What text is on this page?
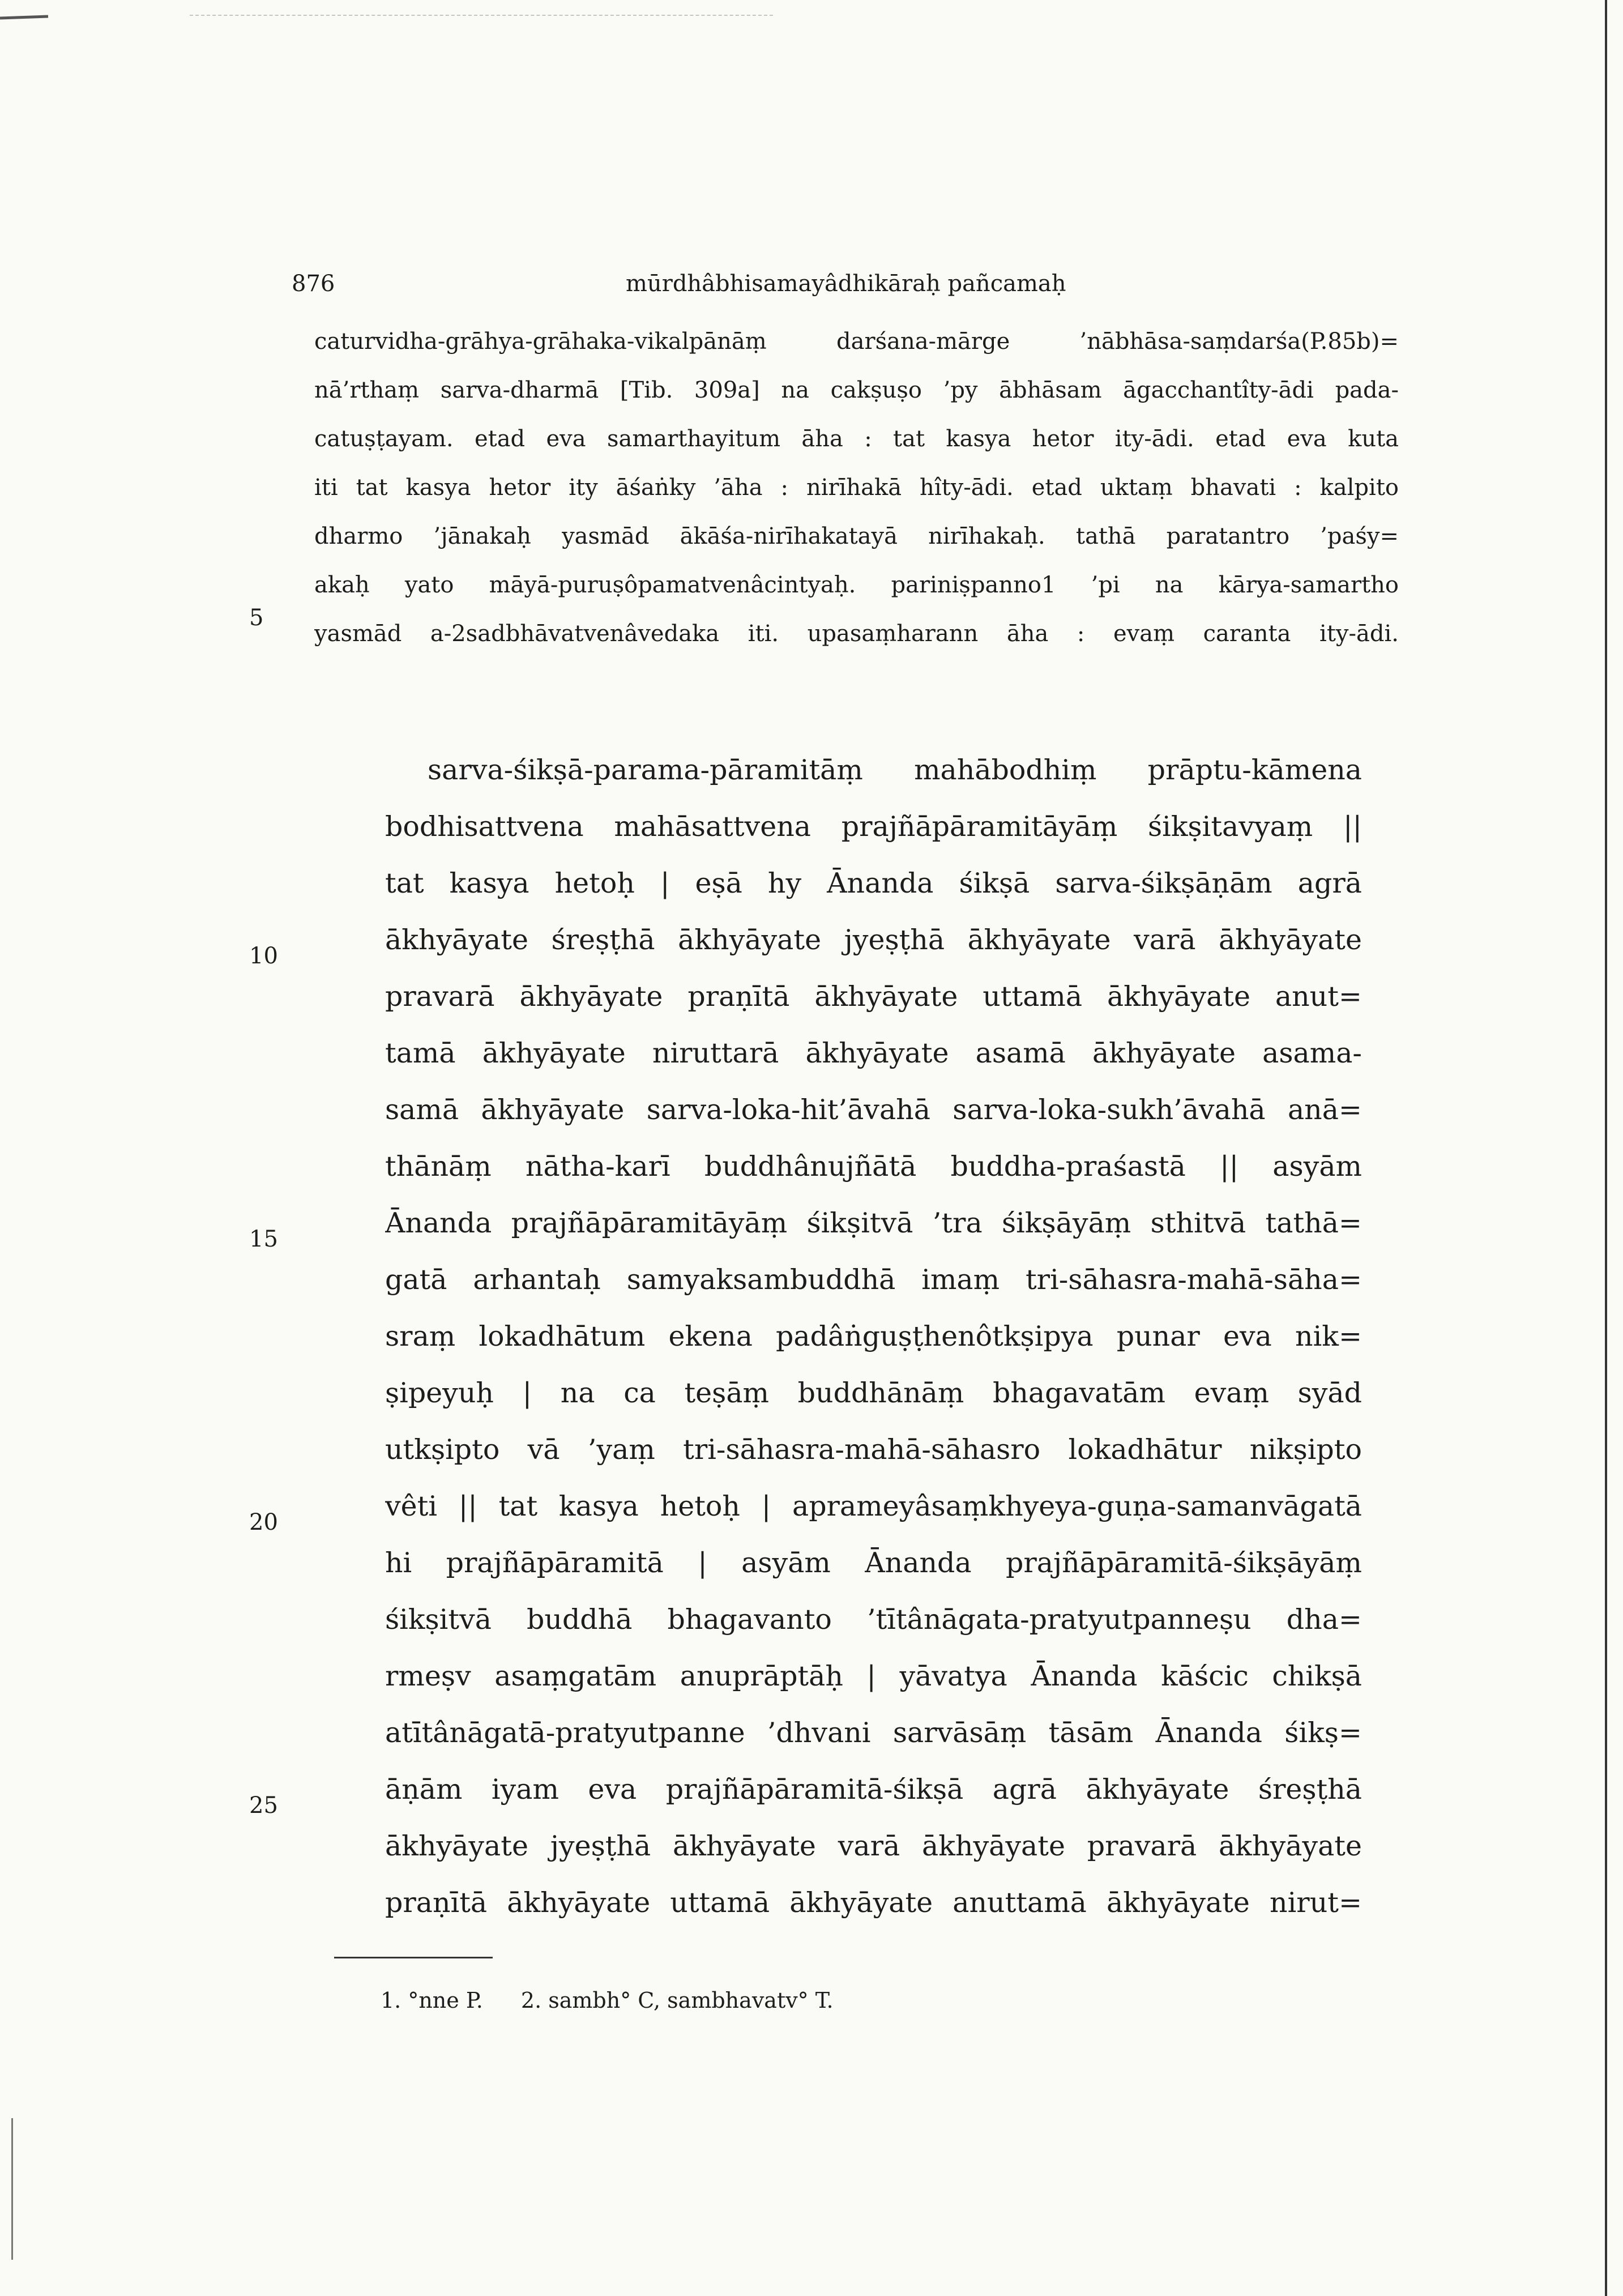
876	mūrdhâbhisamayâdhikāraḥ pañcamaḥ
caturvidha-grāhya-grāhaka-vikalpānāṃ darśana-mārge ’nābhāsa-saṃdarśa(P.85b)=
nā’rthaṃ sarva-dharmā [Tib. 309a] na cakṣuṣo ’py ābhāsam āgacchantîty-ādi pada-
catuṣṭayam. etad eva samarthayitum āha : tat kasya hetor ity-ādi. etad eva kuta
iti tat kasya hetor ity āśaṅky ’āha : nirīhakā hîty-ādi. etad uktaṃ bhavati : kalpito
dharmo ’jānakaḥ yasmād ākāśa-nirīhakatayā nirīhakaḥ. tathā paratantro ’paśy=
akaḥ yato māyā-puruṣôpamatvenâcintyaḥ. pariniṣpanno1 ’pi na kārya-samartho
yasmād a-2sadbhāvatvenâvedaka iti. upasaṃharann āha : evaṃ caranta ity-ādi.
sarva-śikṣā-parama-pāramitāṃ mahābodhiṃ prāptu-kāmena
bodhisattvena mahāsattvena prajñāpāramitāyāṃ śikṣitavyaṃ ||
tat kasya hetoḥ | eṣā hy Ānanda śikṣā sarva-śikṣāṇām agrā
ākhyāyate śreṣṭhā ākhyāyate jyeṣṭhā ākhyāyate varā ākhyāyate
pravarā ākhyāyate praṇītā ākhyāyate uttamā ākhyāyate anut=
tamā ākhyāyate niruttarā ākhyāyate asamā ākhyāyate asama-
samā ākhyāyate sarva-loka-hit’āvahā sarva-loka-sukh’āvahā anā=
thānāṃ nātha-karī buddhânujñātā buddha-praśastā || asyām
Ānanda prajñāpāramitāyāṃ śikṣitvā ’tra śikṣāyāṃ sthitvā tathā=
gatā arhantaḥ samyaksambuddhā imaṃ tri-sāhasra-mahā-sāha=
sraṃ lokadhātum ekena padâṅguṣṭhenôtkṣipya punar eva nik=
ṣipeyuḥ | na ca teṣāṃ buddhānāṃ bhagavatām evaṃ syād
utkṣipto vā ’yaṃ tri-sāhasra-mahā-sāhasro lokadhātur nikṣipto
vêti || tat kasya hetoḥ | aprameyâsaṃkhyeya-guṇa-samanvāgatā
hi prajñāpāramitā | asyām Ānanda prajñāpāramitā-śikṣāyāṃ
śikṣitvā buddhā bhagavanto ’tītânāgata-pratyutpanneṣu dha=
rmeṣv asaṃgatām anuprāptāḥ | yāvatya Ānanda kāścic chikṣā
atītânāgatā-pratyutpanne ’dhvani sarvāsāṃ tāsām Ānanda śikṣ=
āṇām iyam eva prajñāpāramitā-śikṣā agrā ākhyāyate śreṣṭhā
ākhyāyate jyeṣṭhā ākhyāyate varā ākhyāyate pravarā ākhyāyate
praṇītā ākhyāyate uttamā ākhyāyate anuttamā ākhyāyate nirut=
5
10
15
20
25
1. °nne P. 2. sambh° C, sambhavatv° T.
